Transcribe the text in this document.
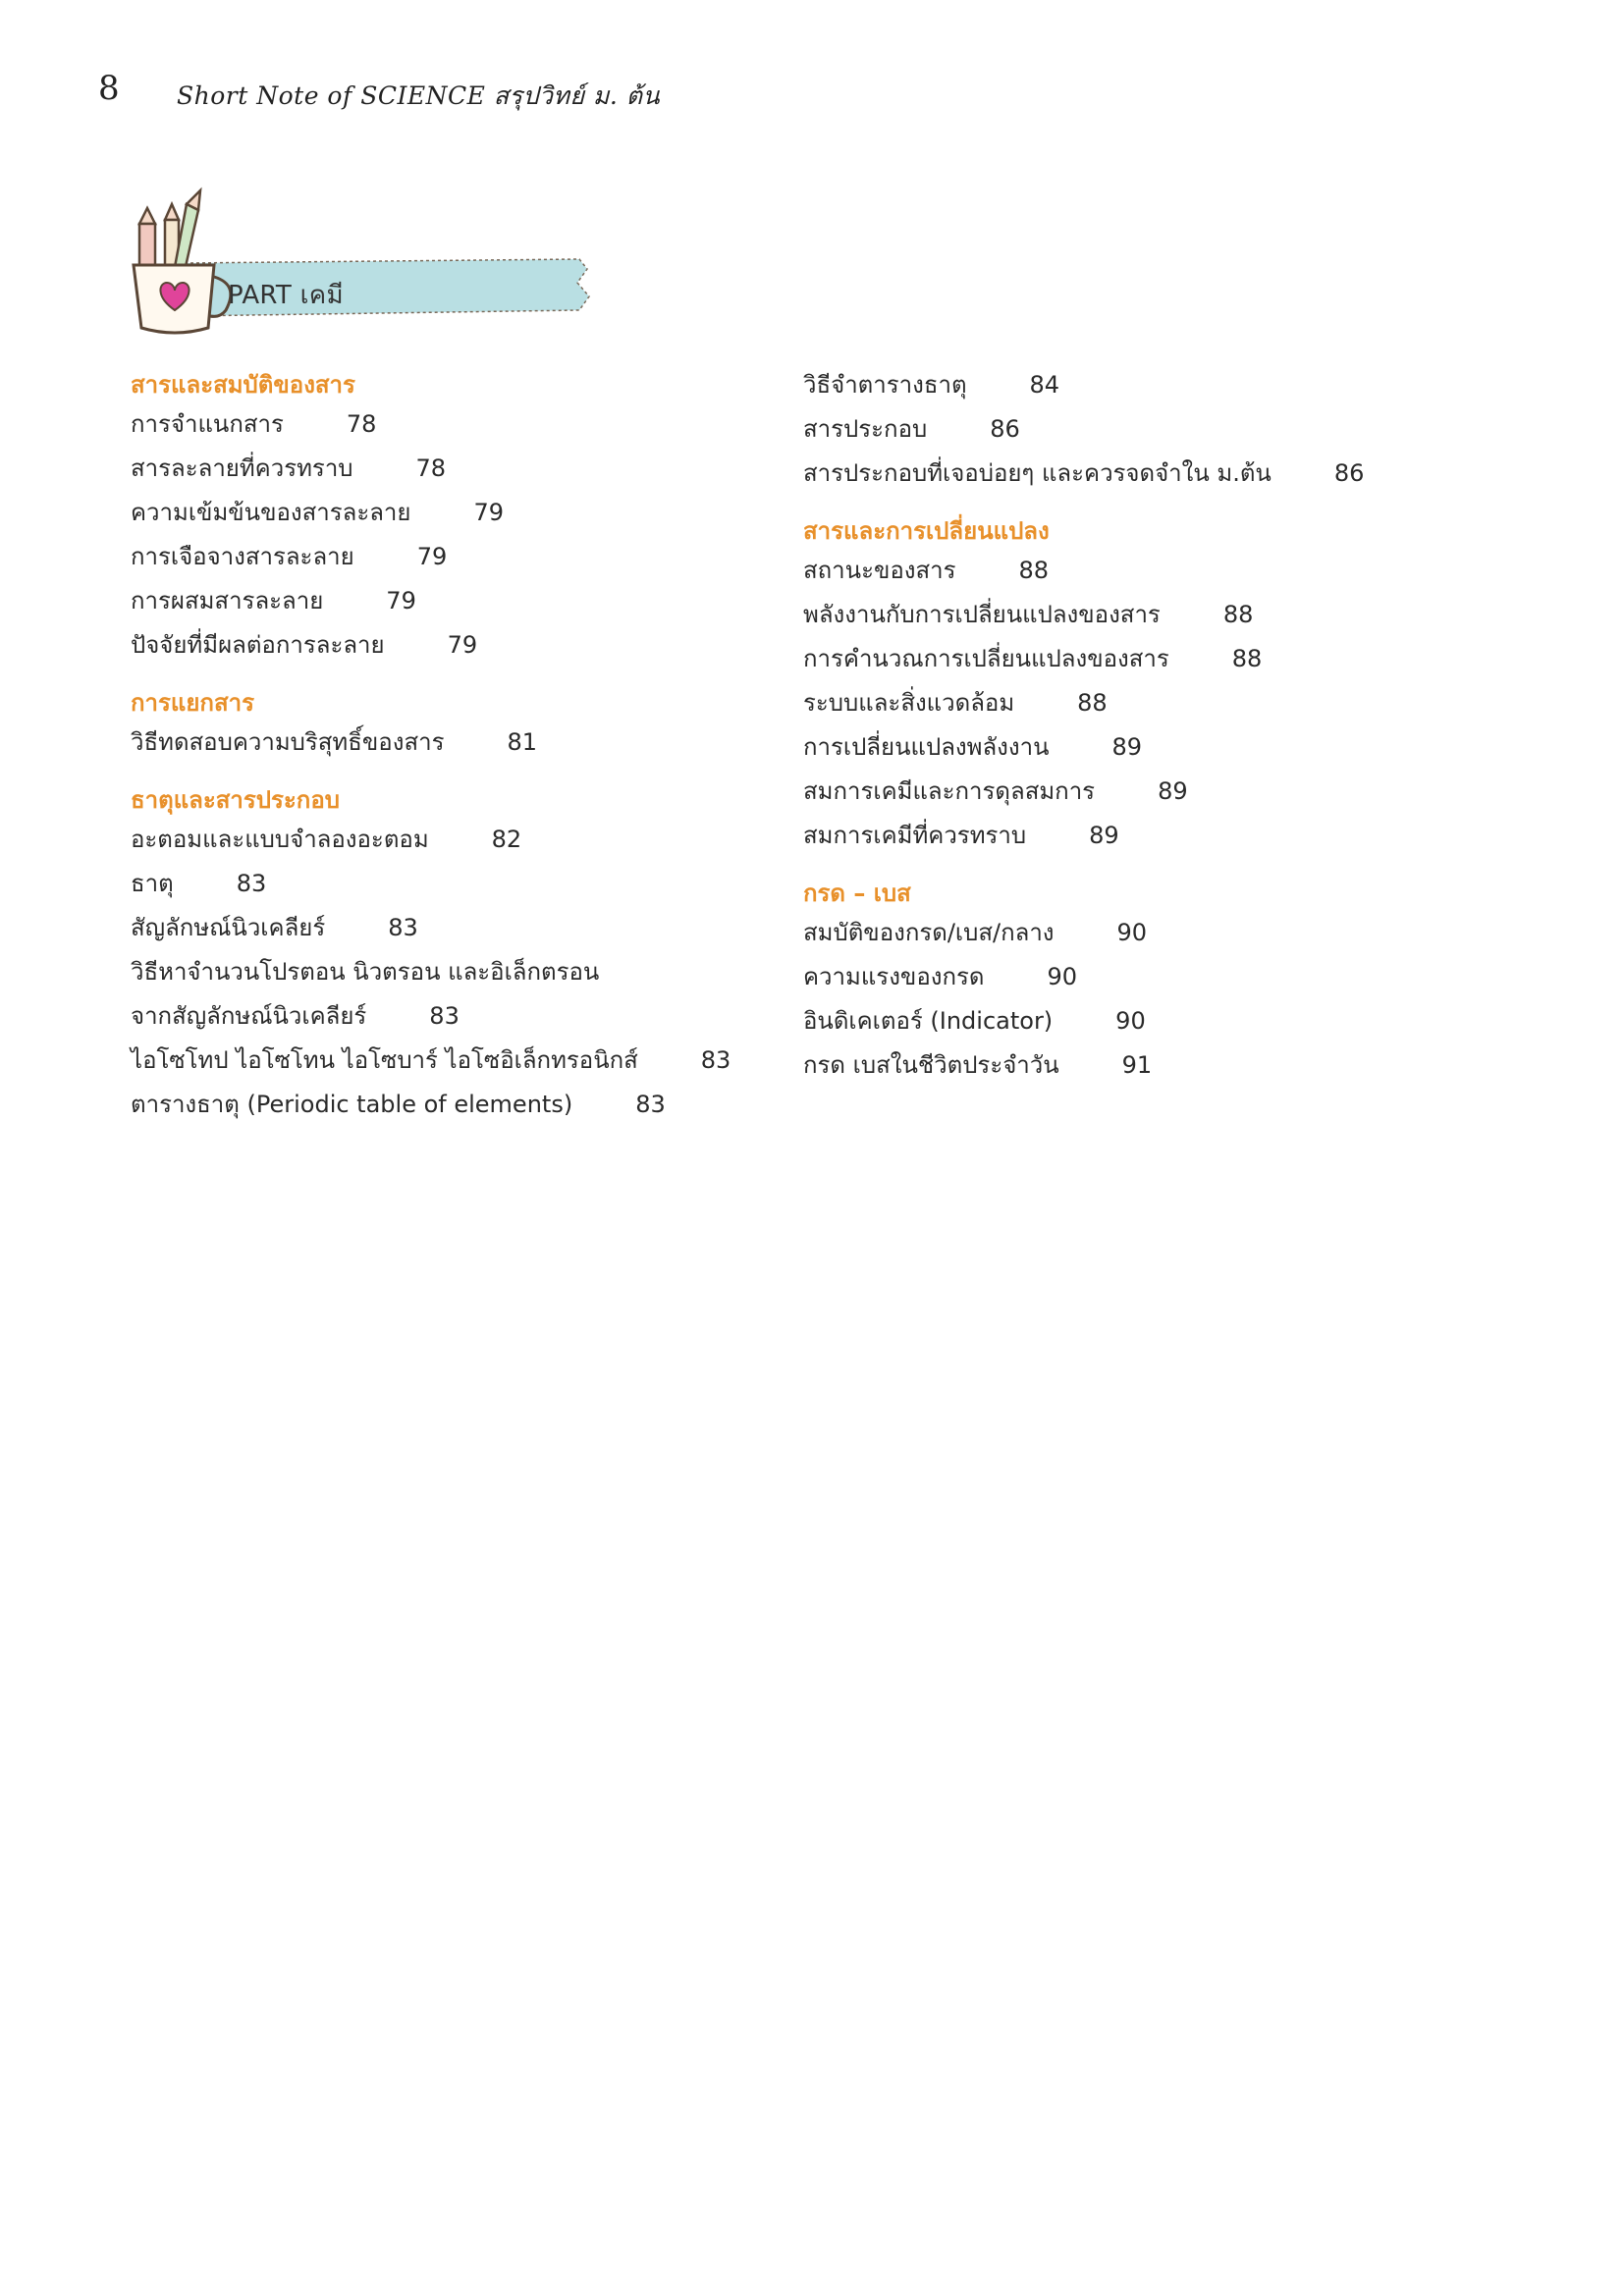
8 Short Note of SCIENCE สรุปวิทย์ ม. ต้น
PART เคมี
สารและสมบัติของสาร
การจำแนกสาร	78
สารละลายที่ควรทราบ	78
ความเข้มข้นของสารละลาย	79
การเจือจางสารละลาย	79
การผสมสารละลาย	79
ปัจจัยที่มีผลต่อการละลาย	79
การแยกสาร
วิธีทดสอบความบริสุทธิ์ของสาร	81
ธาตุและสารประกอบ
อะตอมและแบบจำลองอะตอม	82
ธาตุ	83
สัญลักษณ์นิวเคลียร์	83
วิธีหาจำนวนโปรตอน นิวตรอน และอิเล็กตรอน
จากสัญลักษณ์นิวเคลียร์	83
ไอโซโทป ไอโซโทน ไอโซบาร์ ไอโซอิเล็กทรอนิกส์	83
ตารางธาตุ (Periodic table of elements)	83
วิธีจำตารางธาตุ	84
สารประกอบ	86
สารประกอบที่เจอบ่อยๆ และควรจดจำใน ม.ต้น	86
สารและการเปลี่ยนแปลง
สถานะของสาร	88
พลังงานกับการเปลี่ยนแปลงของสาร	88
การคำนวณการเปลี่ยนแปลงของสาร	88
ระบบและสิ่งแวดล้อม	88
การเปลี่ยนแปลงพลังงาน	89
สมการเคมีและการดุลสมการ	89
สมการเคมีที่ควรทราบ	89
กรด – เบส
สมบัติของกรด/เบส/กลาง	90
ความแรงของกรด	90
อินดิเคเตอร์ (Indicator)	90
กรด เบสในชีวิตประจำวัน	91
